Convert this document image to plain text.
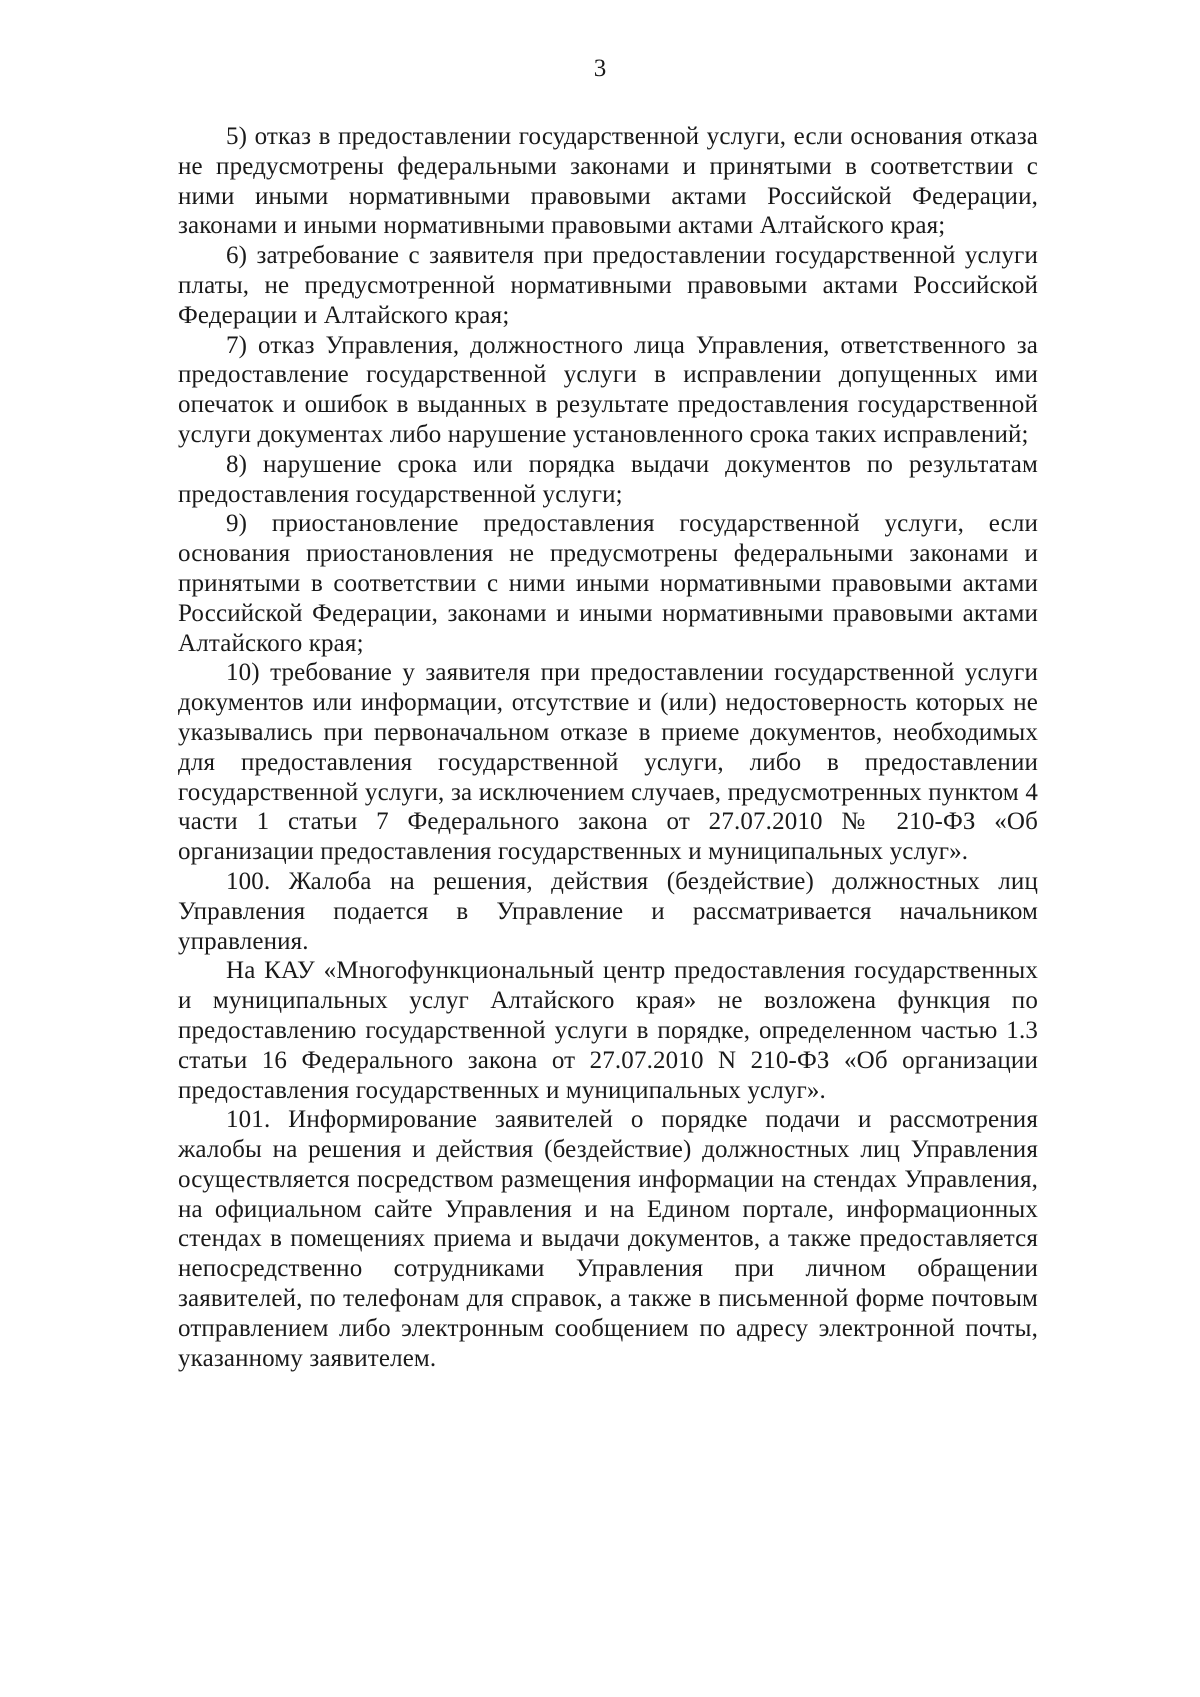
3

5) отказ в предоставлении государственной услуги, если основания отказа не предусмотрены федеральными законами и принятыми в соответствии с ними иными нормативными правовыми актами Российской Федерации, законами и иными нормативными правовыми актами Алтайского края;

6) затребование с заявителя при предоставлении государственной услуги платы, не предусмотренной нормативными правовыми актами Российской Федерации и Алтайского края;

7) отказ Управления, должностного лица Управления, ответственного за предоставление государственной услуги в исправлении допущенных ими опечаток и ошибок в выданных в результате предоставления государственной услуги документах либо нарушение установленного срока таких исправлений;

8) нарушение срока или порядка выдачи документов по результатам предоставления государственной услуги;

9) приостановление предоставления государственной услуги, если основания приостановления не предусмотрены федеральными законами и принятыми в соответствии с ними иными нормативными правовыми актами Российской Федерации, законами и иными нормативными правовыми актами Алтайского края;

10) требование у заявителя при предоставлении государственной услуги документов или информации, отсутствие и (или) недостоверность которых не указывались при первоначальном отказе в приеме документов, необходимых для предоставления государственной услуги, либо в предоставлении государственной услуги, за исключением случаев, предусмотренных пунктом 4 части 1 статьи 7 Федерального закона от 27.07.2010 № 210-ФЗ «Об организации предоставления государственных и муниципальных услуг».

100. Жалоба на решения, действия (бездействие) должностных лиц Управления подается в Управление и рассматривается начальником управления.

На КАУ «Многофункциональный центр предоставления государственных и муниципальных услуг Алтайского края» не возложена функция по предоставлению государственной услуги в порядке, определенном частью 1.3 статьи 16 Федерального закона от 27.07.2010 N 210-ФЗ «Об организации предоставления государственных и муниципальных услуг».

101. Информирование заявителей о порядке подачи и рассмотрения жалобы на решения и действия (бездействие) должностных лиц Управления осуществляется посредством размещения информации на стендах Управления, на официальном сайте Управления и на Едином портале, информационных стендах в помещениях приема и выдачи документов, а также предоставляется непосредственно сотрудниками Управления при личном обращении заявителей, по телефонам для справок, а также в письменной форме почтовым отправлением либо электронным сообщением по адресу электронной почты, указанному заявителем.
